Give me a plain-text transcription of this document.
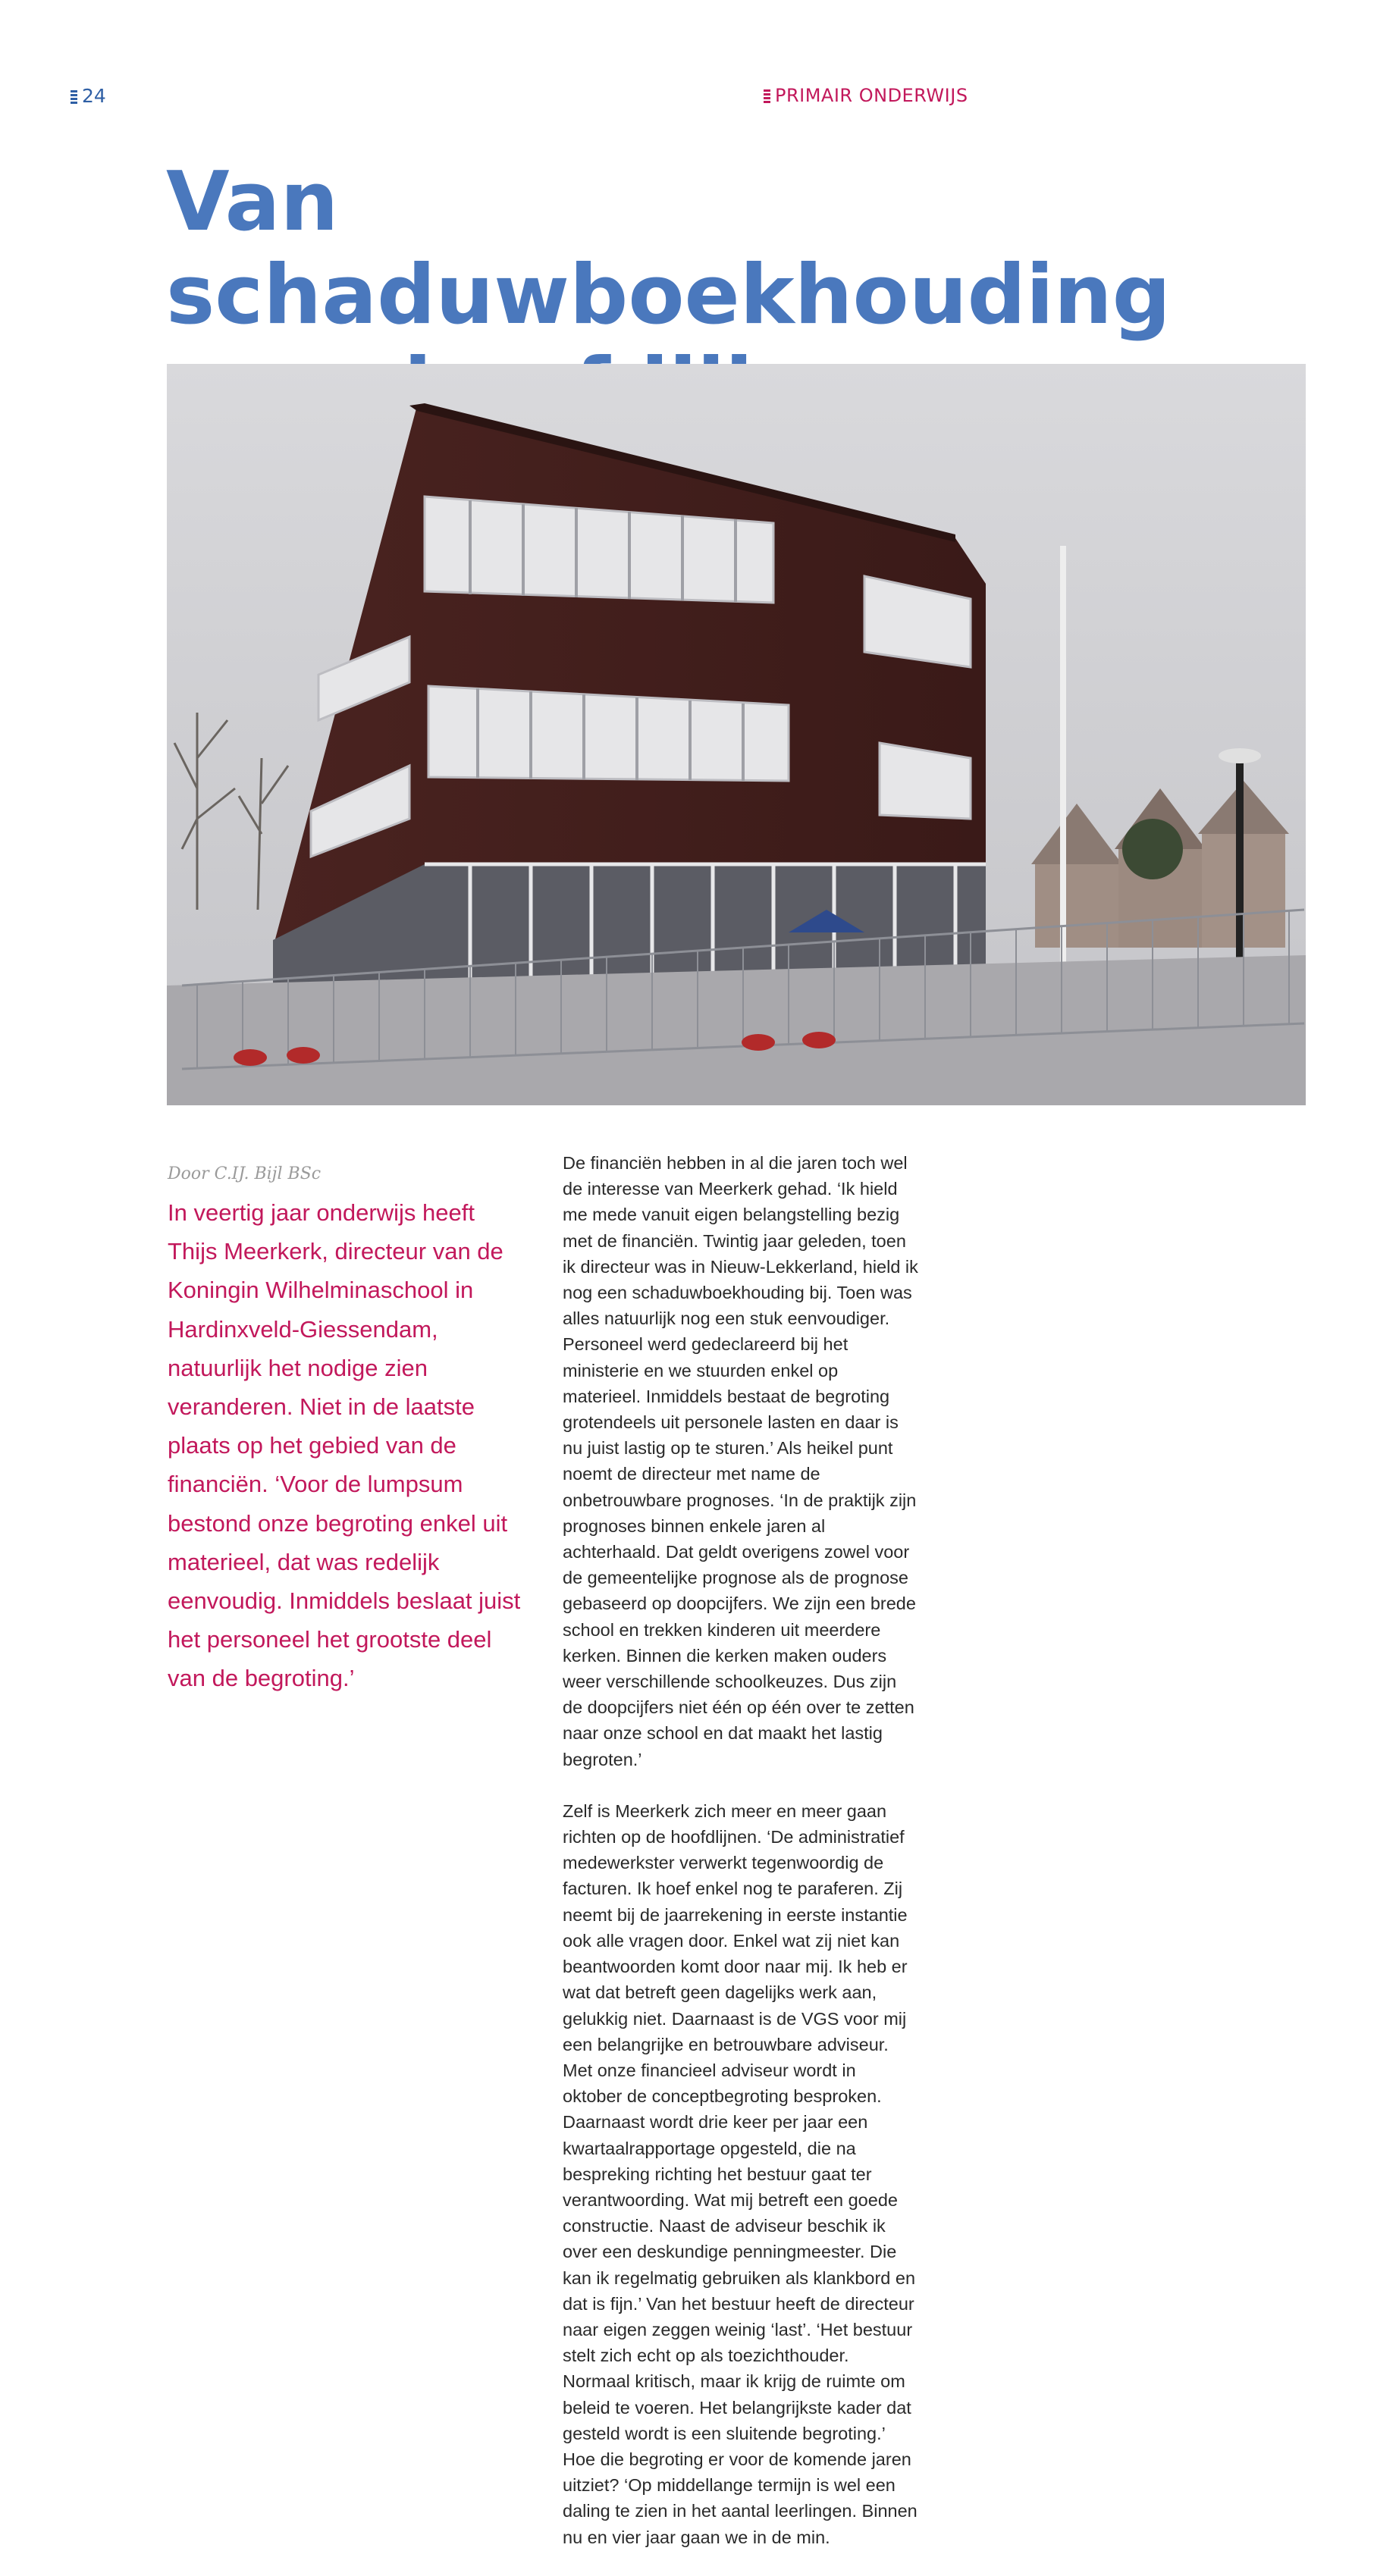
24	PRIMAIR ONDERWIJS
Van schaduwboekhouding
Door C.IJ. Bijl BSc

In veertig jaar onderwijs heeft Thijs Meerkerk, directeur van de Koningin Wilhelminaschool in Hardinxveld-Giessendam, natuurlijk het nodige zien veranderen. Niet in de laatste plaats op het gebied van de financiën. ‘Voor de lumpsum bestond onze begroting enkel uit materieel, dat was redelijk eenvoudig. Inmiddels beslaat juist het personeel het grootste deel van de begroting.’

De financiën hebben in al die jaren toch wel de interesse van Meerkerk gehad. ‘Ik hield me mede vanuit eigen belangstelling bezig met de financiën. Twintig jaar geleden, toen ik directeur was in Nieuw-Lekkerland, hield ik nog een schaduwboekhouding bij. Toen was alles natuurlijk nog een stuk eenvoudiger. Personeel werd gedeclareerd bij het ministerie en we stuurden enkel op materieel. Inmiddels bestaat de begroting grotendeels uit personele lasten en daar is nu juist lastig op te sturen.’ Als heikel punt noemt de directeur met name de onbetrouwbare prognoses. ‘In de praktijk zijn prognoses binnen enkele jaren al achterhaald. Dat geldt overigens zowel voor de gemeentelijke prognose als de prognose gebaseerd op doopcijfers. We zijn een brede school en trekken kinderen uit meerdere kerken. Binnen die kerken maken ouders weer verschillende schoolkeuzes. Dus zijn de doopcijfers niet één op één over te zetten naar onze school en dat maakt het lastig begroten.’

Zelf is Meerkerk zich meer en meer gaan richten op de hoofdlijnen. ‘De administratief medewerkster verwerkt tegenwoordig de facturen. Ik hoef enkel nog te paraferen. Zij neemt bij de jaarrekening in eerste instantie ook alle vragen door. Enkel wat zij niet kan beantwoorden komt door naar mij. Ik heb er wat dat betreft geen dagelijks werk aan, gelukkig niet. Daarnaast is de VGS voor mij een belangrijke en betrouwbare adviseur. Met onze financieel adviseur wordt in oktober de conceptbegroting besproken. Daarnaast wordt drie keer per jaar een kwartaalrapportage opgesteld, die na bespreking richting het bestuur gaat ter verantwoording. Wat mij betreft een goede constructie. Naast de adviseur beschik ik over een deskundige penningmeester. Die kan ik regelmatig gebruiken als klankbord en dat is fijn.’ Van het bestuur heeft de directeur naar eigen zeggen weinig ‘last’. ‘Het bestuur stelt zich echt op als toezichthouder. Normaal kritisch, maar ik krijg de ruimte om beleid te voeren. Het belangrijkste kader dat gesteld wordt is een sluitende begroting.’ Hoe die begroting er voor de komende jaren uitziet? ‘Op middellange termijn is wel een daling te zien in het aantal leerlingen. Binnen nu en vier jaar gaan we in de min.
